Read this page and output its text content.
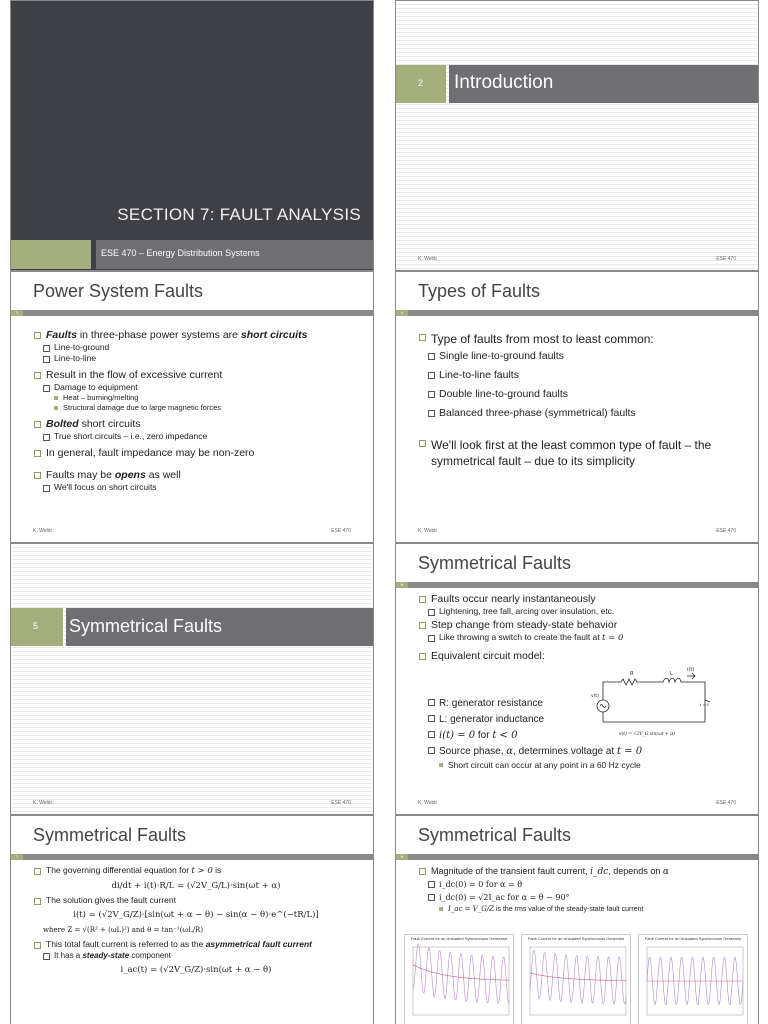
SECTION 7: FAULT ANALYSIS
ESE 470 – Energy Distribution Systems
2 Introduction
K. Webb	ESE 470
Power System Faults
3
Faults in three-phase power systems are short circuits
Line-to-ground
Line-to-line
Result in the flow of excessive current
Damage to equipment
Heat – burning/melting
Structural damage due to large magnetic forces
Bolted short circuits
True short circuits – i.e., zero impedance
In general, fault impedance may be non-zero
Faults may be opens as well
We'll focus on short circuits
K. Webb	ESE 470
Types of Faults
4
Type of faults from most to least common:
Single line-to-ground faults
Line-to-line faults
Double line-to-ground faults
Balanced three-phase (symmetrical) faults
We'll look first at the least common type of fault – the symmetrical fault – due to its simplicity
K. Webb	ESE 470
5 Symmetrical Faults
K. Webb	ESE 470
Symmetrical Faults
6
Faults occur nearly instantaneously
Lightening, tree fall, arcing over insulation, etc.
Step change from steady-state behavior
Like throwing a switch to create the fault at t = 0
Equivalent circuit model:
R: generator resistance
L: generator inductance
i(t) = 0 for t < 0
Source phase, α, determines voltage at t = 0
Short circuit can occur at any point in a 60 Hz cycle
R	L
i(t)
v(t)
t = 0
v(t) = √2V_G sin(ωt + α)
K. Webb	ESE 470
Symmetrical Faults
7
The governing differential equation for t > 0 is
di/dt + i(t)·R/L = (√2V_G/L)·sin(ωt + α)
The solution gives the fault current
i(t) = (√2V_G/Z)·[sin(ωt + α − θ) − sin(α − θ)·e^(−tR/L)]
where Z = √(R² + (ωL)²) and θ = tan⁻¹(ωL/R)
This total fault current is referred to as the asymmetrical fault current
It has a steady-state component
i_ac(t) = (√2V_G/Z)·sin(ωt + α − θ)
Symmetrical Faults
8
Magnitude of the transient fault current, i_dc, depends on α
i_dc(0) = 0 for α = θ
i_dc(0) = √2I_ac for α = θ − 90°
I_ac = V_G/Z is the rms value of the steady-state fault current
Fault Current for an Unloaded Synchronous Generator	Fault Current for an Unloaded Synchronous Generator	Fault Current for an Unloaded Synchronous Generator
